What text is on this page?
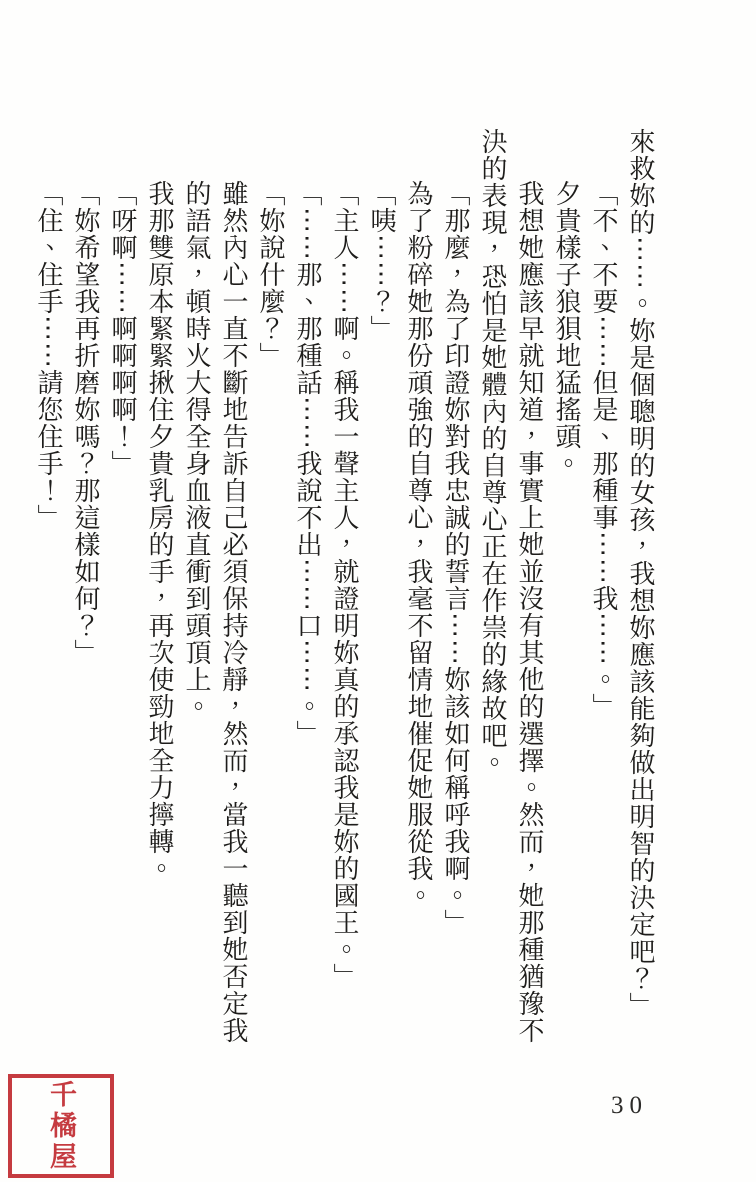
來救妳的⋯⋯。妳是個聰明的女孩，我想妳應該能夠做出明智的決定吧？」

「不、不要⋯⋯但是、那種事⋯⋯我⋯⋯。」

夕貴樣子狼狽地猛搖頭。

我想她應該早就知道，事實上她並沒有其他的選擇。然而，她那種猶豫不

決的表現，恐怕是她體內的自尊心正在作祟的緣故吧。

「那麼，為了印證妳對我忠誠的誓言⋯⋯妳該如何稱呼我啊。」

為了粉碎她那份頑強的自尊心，我毫不留情地催促她服從我。

「咦⋯⋯？」

「主人⋯⋯啊。稱我一聲主人，就證明妳真的承認我是妳的國王。」

「⋯⋯那、那種話⋯⋯我說不出⋯⋯口⋯⋯。」

「妳說什麼？」

雖然內心一直不斷地告訴自己必須保持冷靜，然而，當我一聽到她否定我

的語氣，頓時火大得全身血液直衝到頭頂上。

我那雙原本緊緊揪住夕貴乳房的手，再次使勁地全力擰轉。

「呀啊⋯⋯啊啊啊啊！」

「妳希望我再折磨妳嗎？那這樣如何？」

「住、住手⋯⋯請您住手！」

千橘屋	30
